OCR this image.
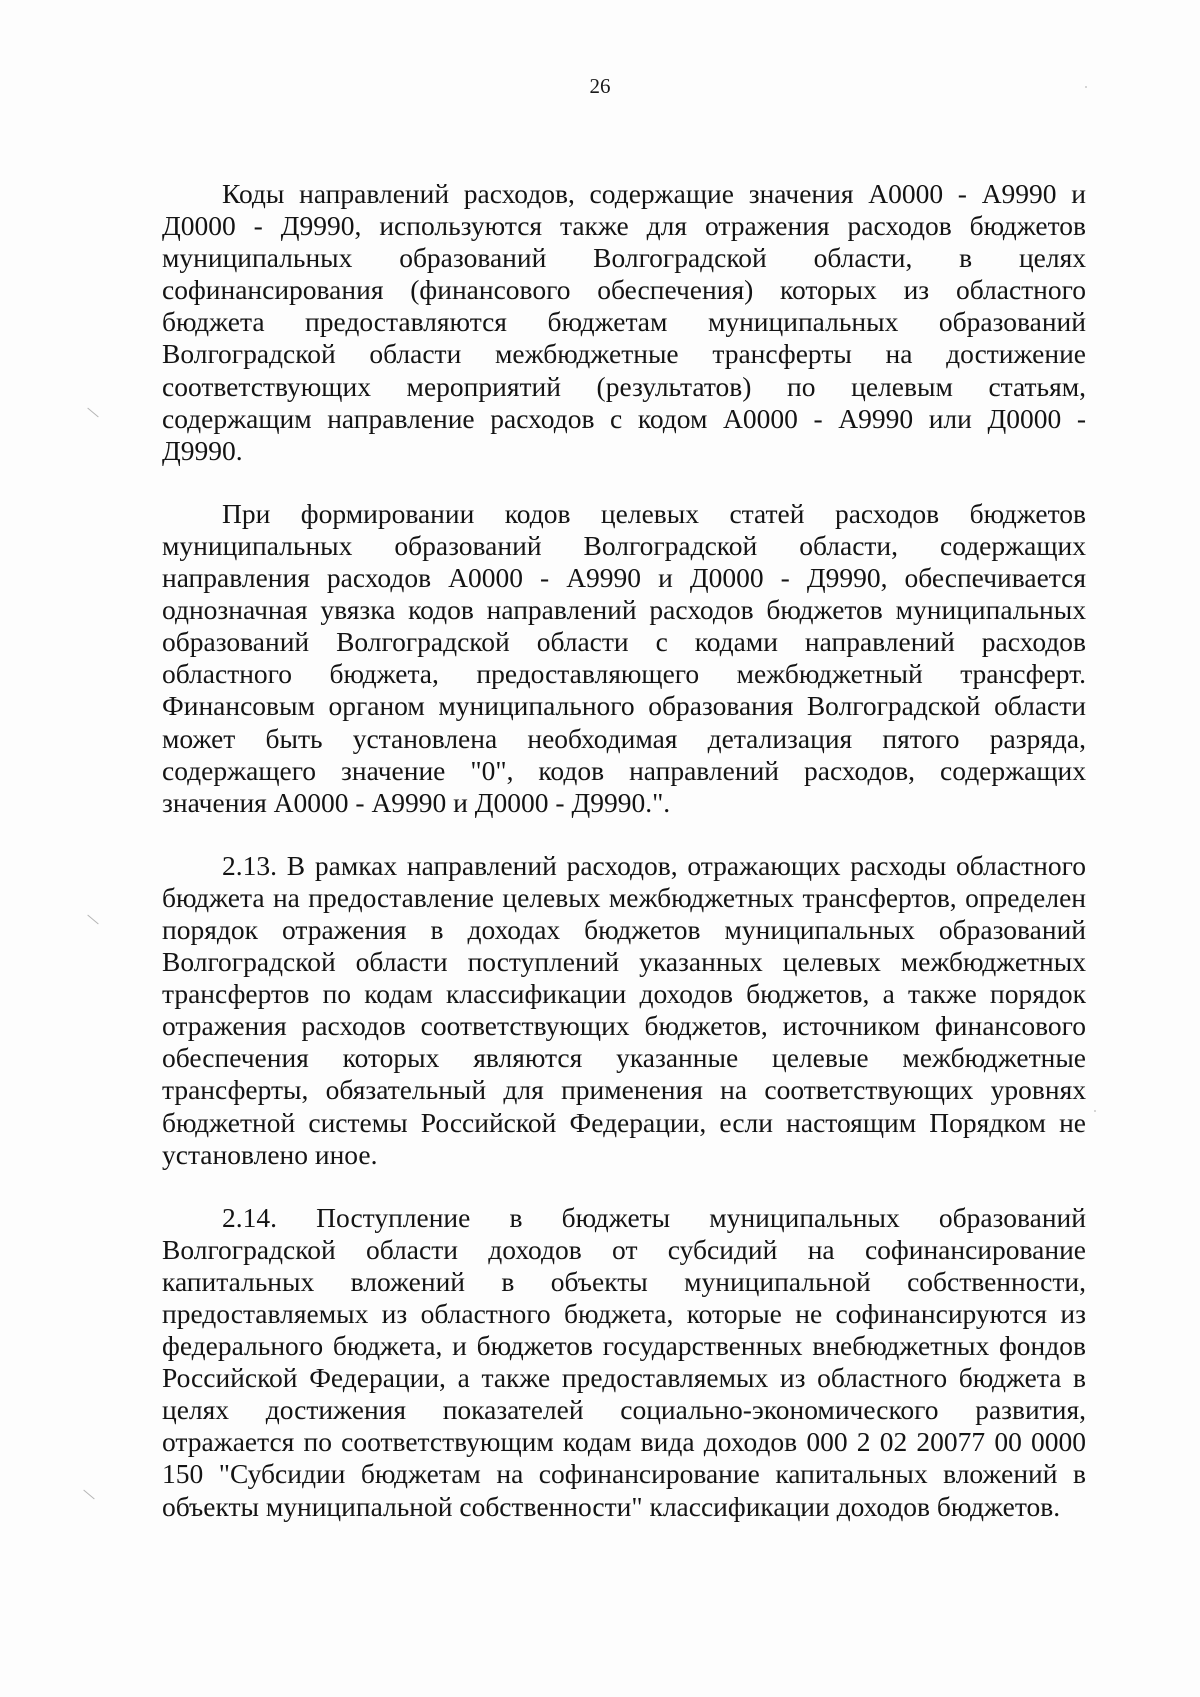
26

Коды направлений расходов, содержащие значения А0000 - А9990 и Д0000 - Д9990, используются также для отражения расходов бюджетов муниципальных образований Волгоградской области, в целях софинансирования (финансового обеспечения) которых из областного бюджета предоставляются бюджетам муниципальных образований Волгоградской области межбюджетные трансферты на достижение соответствующих мероприятий (результатов) по целевым статьям, содержащим направление расходов с кодом А0000 - А9990 или Д0000 - Д9990.

При формировании кодов целевых статей расходов бюджетов муниципальных образований Волгоградской области, содержащих направления расходов А0000 - А9990 и Д0000 - Д9990, обеспечивается однозначная увязка кодов направлений расходов бюджетов муниципальных образований Волгоградской области с кодами направлений расходов областного бюджета, предоставляющего межбюджетный трансферт. Финансовым органом муниципального образования Волгоградской области может быть установлена необходимая детализация пятого разряда, содержащего значение "0", кодов направлений расходов, содержащих значения А0000 - А9990 и Д0000 - Д9990.".

2.13. В рамках направлений расходов, отражающих расходы областного бюджета на предоставление целевых межбюджетных трансфертов, определен порядок отражения в доходах бюджетов муниципальных образований Волгоградской области поступлений указанных целевых межбюджетных трансфертов по кодам классификации доходов бюджетов, а также порядок отражения расходов соответствующих бюджетов, источником финансового обеспечения которых являются указанные целевые межбюджетные трансферты, обязательный для применения на соответствующих уровнях бюджетной системы Российской Федерации, если настоящим Порядком не установлено иное.

2.14. Поступление в бюджеты муниципальных образований Волгоградской области доходов от субсидий на софинансирование капитальных вложений в объекты муниципальной собственности, предоставляемых из областного бюджета, которые не софинансируются из федерального бюджета, и бюджетов государственных внебюджетных фондов Российской Федерации, а также предоставляемых из областного бюджета в целях достижения показателей социально-экономического развития, отражается по соответствующим кодам вида доходов 000 2 02 20077 00 0000 150 "Субсидии бюджетам на софинансирование капитальных вложений в объекты муниципальной собственности" классификации доходов бюджетов.
